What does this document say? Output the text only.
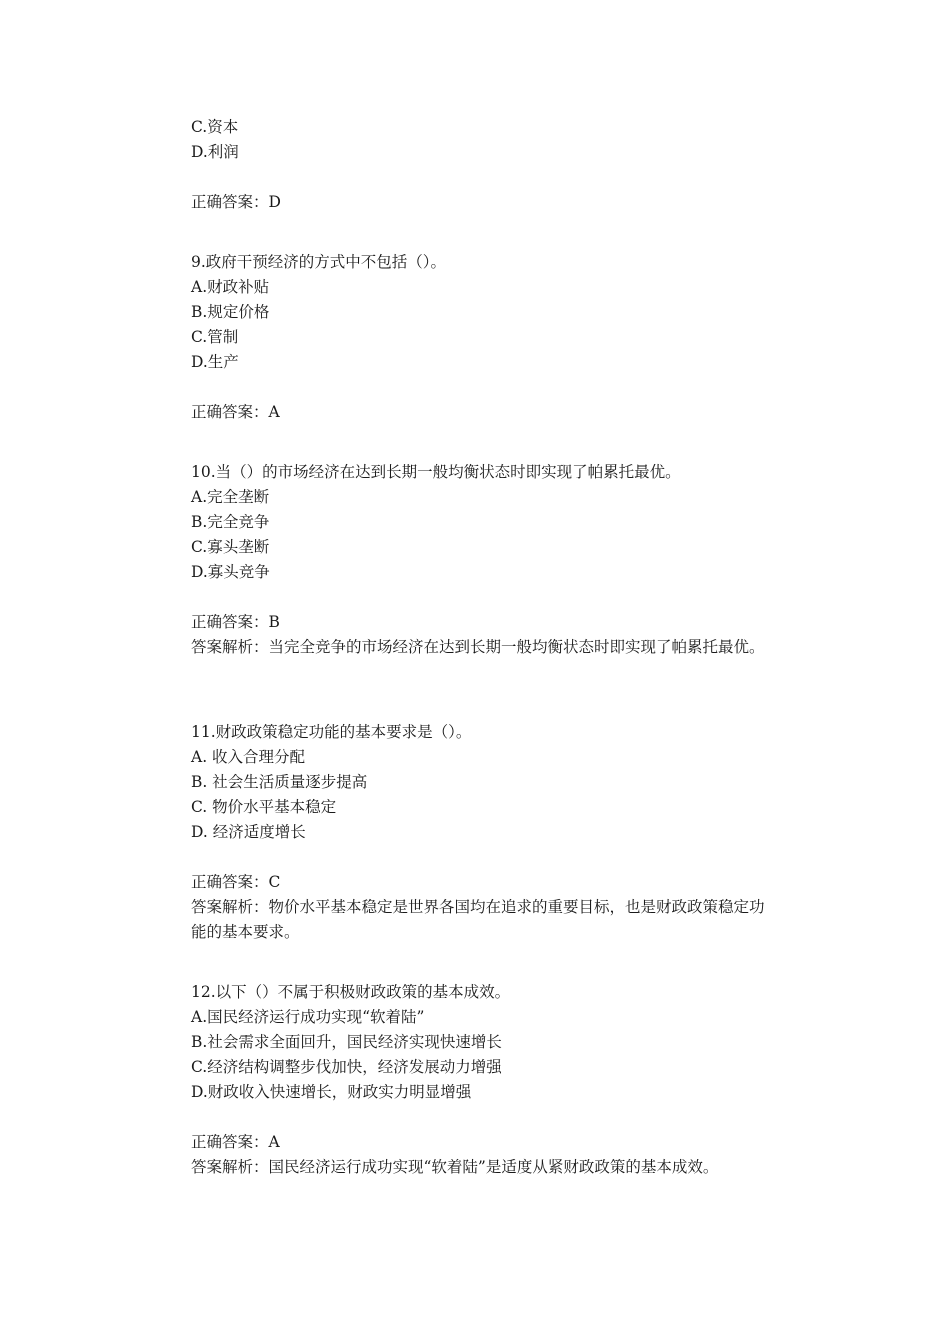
C.资本
D.利润
正确答案：D
9.政府干预经济的方式中不包括（）。
A.财政补贴
B.规定价格
C.管制
D.生产
正确答案：A
10.当（）的市场经济在达到长期一般均衡状态时即实现了帕累托最优。
A.完全垄断
B.完全竞争
C.寡头垄断
D.寡头竞争
正确答案：B
答案解析：当完全竞争的市场经济在达到长期一般均衡状态时即实现了帕累托最优。
11.财政政策稳定功能的基本要求是（）。
A. 收入合理分配
B. 社会生活质量逐步提高
C. 物价水平基本稳定
D. 经济适度增长
正确答案：C
答案解析：物价水平基本稳定是世界各国均在追求的重要目标，也是财政政策稳定功能的基本要求。
12.以下（）不属于积极财政政策的基本成效。
A.国民经济运行成功实现“软着陆”
B.社会需求全面回升，国民经济实现快速增长
C.经济结构调整步伐加快，经济发展动力增强
D.财政收入快速增长，财政实力明显增强
正确答案：A
答案解析：国民经济运行成功实现“软着陆”是适度从紧财政政策的基本成效。
